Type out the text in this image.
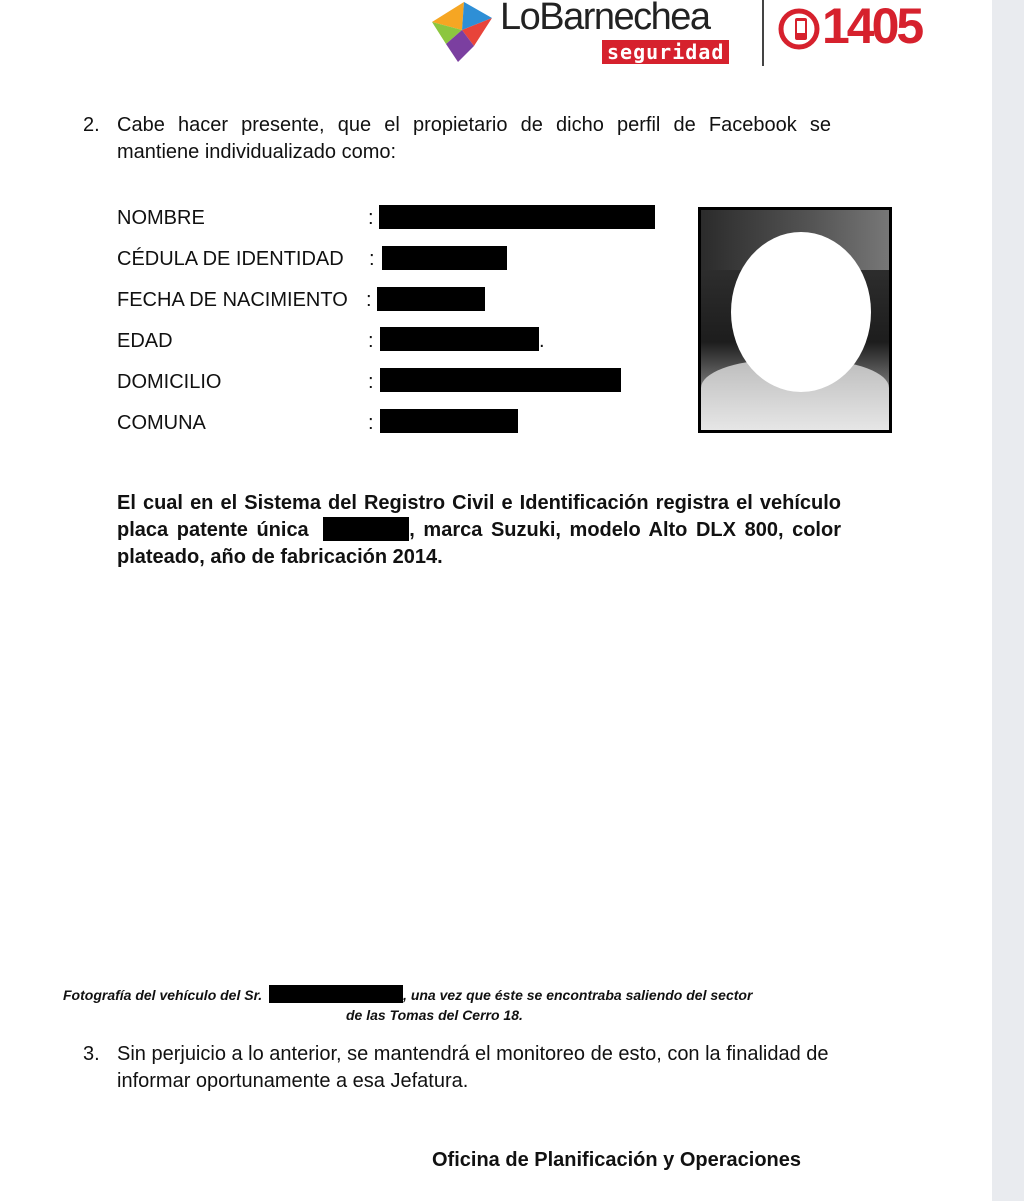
LoBarnechea
seguridad 1405
2. Cabe hacer presente, que el propietario de dicho perfil de Facebook se mantiene individualizado como:
NOMBRE	:
CÉDULA DE IDENTIDAD :
FECHA DE NACIMIENTO :
EDAD	:	.
DOMICILIO	:
COMUNA	:
El cual en el Sistema del Registro Civil e Identificación registra el vehículo placa patente única	, marca Suzuki, modelo Alto DLX 800, color plateado, año de fabricación 2014.
Fotografía del vehículo del Sr.	, una vez que éste se encontraba saliendo del sector
de las Tomas del Cerro 18.
3. Sin perjuicio a lo anterior, se mantendrá el monitoreo de esto, con la finalidad de informar oportunamente a esa Jefatura.
Oficina de Planificación y Operaciones
